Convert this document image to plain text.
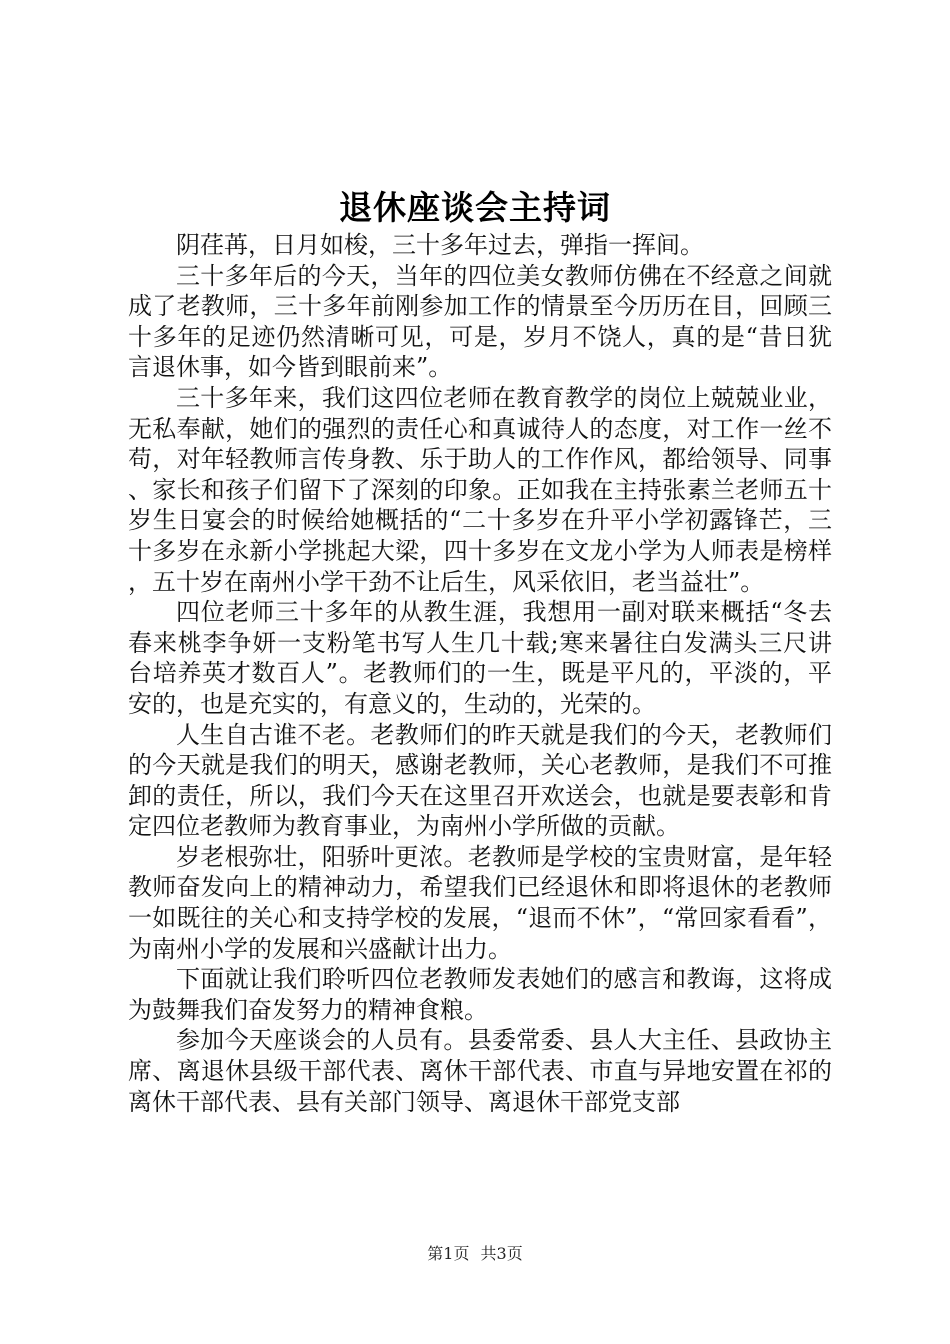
退休座谈会主持词

阴荏苒，日月如梭，三十多年过去，弹指一挥间。

三十多年后的今天，当年的四位美女教师仿佛在不经意之间就成了老教师，三十多年前刚参加工作的情景至今历历在目，回顾三十多年的足迹仍然清晰可见，可是，岁月不饶人，真的是“昔日犹言退休事，如今皆到眼前来”。

三十多年来，我们这四位老师在教育教学的岗位上兢兢业业，无私奉献，她们的强烈的责任心和真诚待人的态度，对工作一丝不苟，对年轻教师言传身教、乐于助人的工作作风，都给领导、同事、家长和孩子们留下了深刻的印象。正如我在主持张素兰老师五十岁生日宴会的时候给她概括的“二十多岁在升平小学初露锋芒，三十多岁在永新小学挑起大梁，四十多岁在文龙小学为人师表是榜样，五十岁在南州小学干劲不让后生，风采依旧，老当益壮”。

四位老师三十多年的从教生涯，我想用一副对联来概括“冬去春来桃李争妍一支粉笔书写人生几十载;寒来暑往白发满头三尺讲台培养英才数百人”。老教师们的一生，既是平凡的，平淡的，平安的，也是充实的，有意义的，生动的，光荣的。

人生自古谁不老。老教师们的昨天就是我们的今天，老教师们的今天就是我们的明天，感谢老教师，关心老教师，是我们不可推卸的责任，所以，我们今天在这里召开欢送会，也就是要表彰和肯定四位老教师为教育事业，为南州小学所做的贡献。

岁老根弥壮，阳骄叶更浓。老教师是学校的宝贵财富，是年轻教师奋发向上的精神动力，希望我们已经退休和即将退休的老教师一如既往的关心和支持学校的发展，“退而不休”，“常回家看看”，为南州小学的发展和兴盛献计出力。

下面就让我们聆听四位老教师发表她们的感言和教诲，这将成为鼓舞我们奋发努力的精神食粮。

参加今天座谈会的人员有。县委常委、县人大主任、县政协主席、离退休县级干部代表、离休干部代表、市直与异地安置在祁的离休干部代表、县有关部门领导、离退休干部党支部

第1页 共3页
